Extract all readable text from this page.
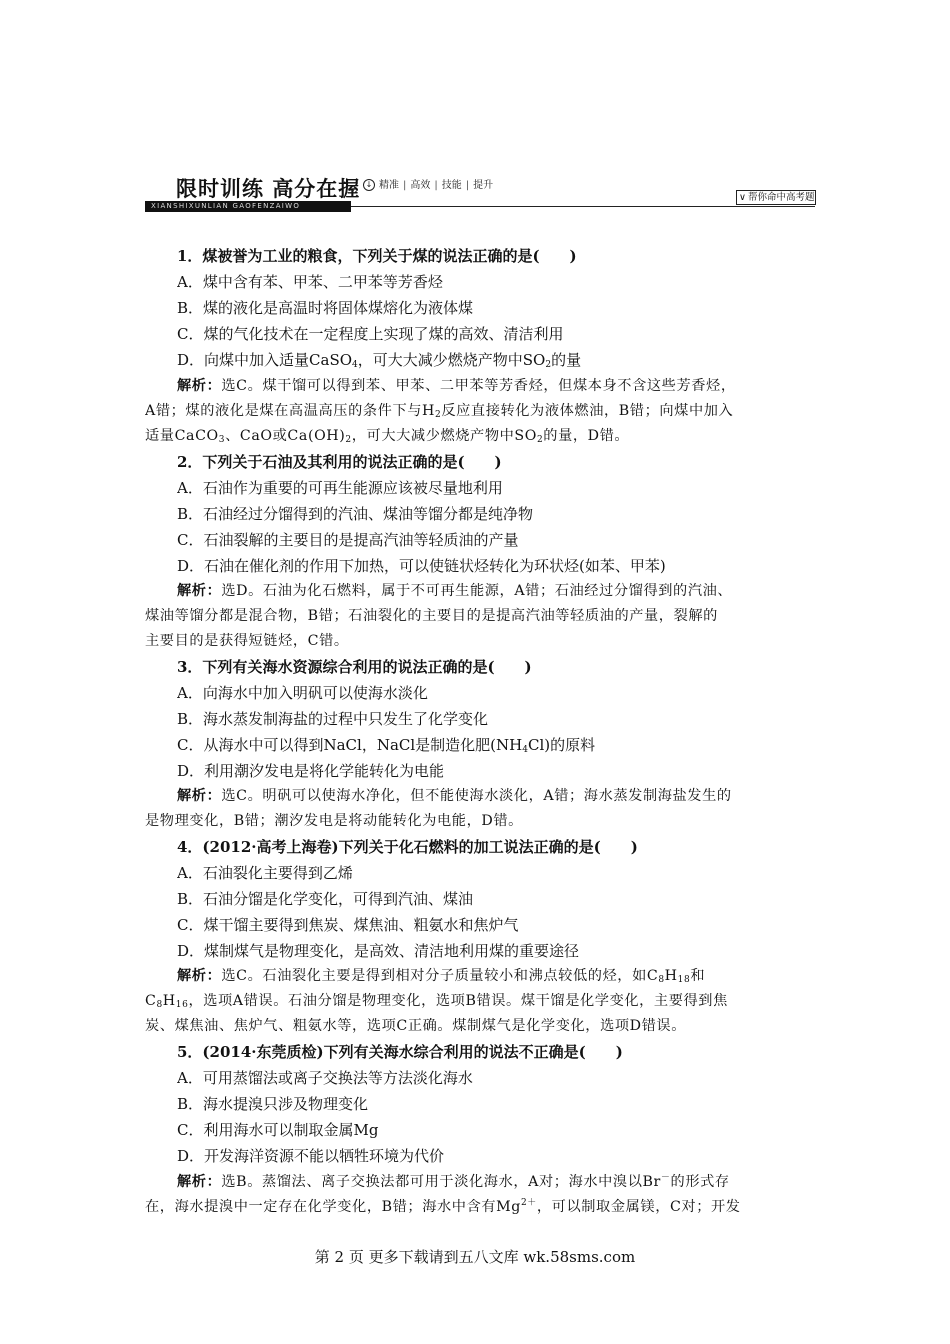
限时训练 高分在握
XIANSHIXUNLIAN GAOFENZAIWO
↓ 精准 | 高效 | 技能 | 提升
∨ 帮你命中高考题
1．煤被誉为工业的粮食，下列关于煤的说法正确的是(　　)
A．煤中含有苯、甲苯、二甲苯等芳香烃
B．煤的液化是高温时将固体煤熔化为液体煤
C．煤的气化技术在一定程度上实现了煤的高效、清洁利用
D．向煤中加入适量CaSO$_4$，可大大减少燃烧产物中$SO_2$的量
解析：选C。煤干馏可以得到苯、甲苯、二甲苯等芳香烃，但煤本身不含这些芳香烃，
A错；煤的液化是煤在高温高压的条件下与$H_2$反应直接转化为液体燃油，B错；向煤中加入
适量CaCO$_3$、CaO或$Ca(OH)_2$，可大大减少燃烧产物中$SO_2$的量，D错。
2．下列关于石油及其利用的说法正确的是(　　)
A．石油作为重要的可再生能源应该被尽量地利用
B．石油经过分馏得到的汽油、煤油等馏分都是纯净物
C．石油裂解的主要目的是提高汽油等轻质油的产量
D．石油在催化剂的作用下加热，可以使链状烃转化为环状烃(如苯、甲苯)
解析：选D。石油为化石燃料，属于不可再生能源，A错；石油经过分馏得到的汽油、
煤油等馏分都是混合物，B错；石油裂化的主要目的是提高汽油等轻质油的产量，裂解的
主要目的是获得短链烃，C错。
3．下列有关海水资源综合利用的说法正确的是(　　)
A．向海水中加入明矾可以使海水淡化
B．海水蒸发制海盐的过程中只发生了化学变化
C．从海水中可以得到NaCl，NaCl是制造化肥$(NH_4Cl)$的原料
D．利用潮汐发电是将化学能转化为电能
解析：选C。明矾可以使海水净化，但不能使海水淡化，A错；海水蒸发制海盐发生的
是物理变化，B错；潮汐发电是将动能转化为电能，D错。
4．(2012·高考上海卷)下列关于化石燃料的加工说法正确的是(　　)
A．石油裂化主要得到乙烯
B．石油分馏是化学变化，可得到汽油、煤油
C．煤干馏主要得到焦炭、煤焦油、粗氨水和焦炉气
D．煤制煤气是物理变化，是高效、清洁地利用煤的重要途径
解析：选C。石油裂化主要是得到相对分子质量较小和沸点较低的烃，如$C_8H_{18}$和
$C_8H_{16}$，选项A错误。石油分馏是物理变化，选项B错误。煤干馏是化学变化，主要得到焦
炭、煤焦油、焦炉气、粗氨水等，选项C正确。煤制煤气是化学变化，选项D错误。
5．(2014·东莞质检)下列有关海水综合利用的说法不正确是(　　)
A．可用蒸馏法或离子交换法等方法淡化海水
B．海水提溴只涉及物理变化
C．利用海水可以制取金属Mg
D．开发海洋资源不能以牺牲环境为代价
解析：选B。蒸馏法、离子交换法都可用于淡化海水，A对；海水中溴以Br－的形式存
在，海水提溴中一定存在化学变化，B错；海水中含有$Mg^{2+}$，可以制取金属镁，C对；开发
第 2 页 更多下载请到五八文库 wk.58sms.com
